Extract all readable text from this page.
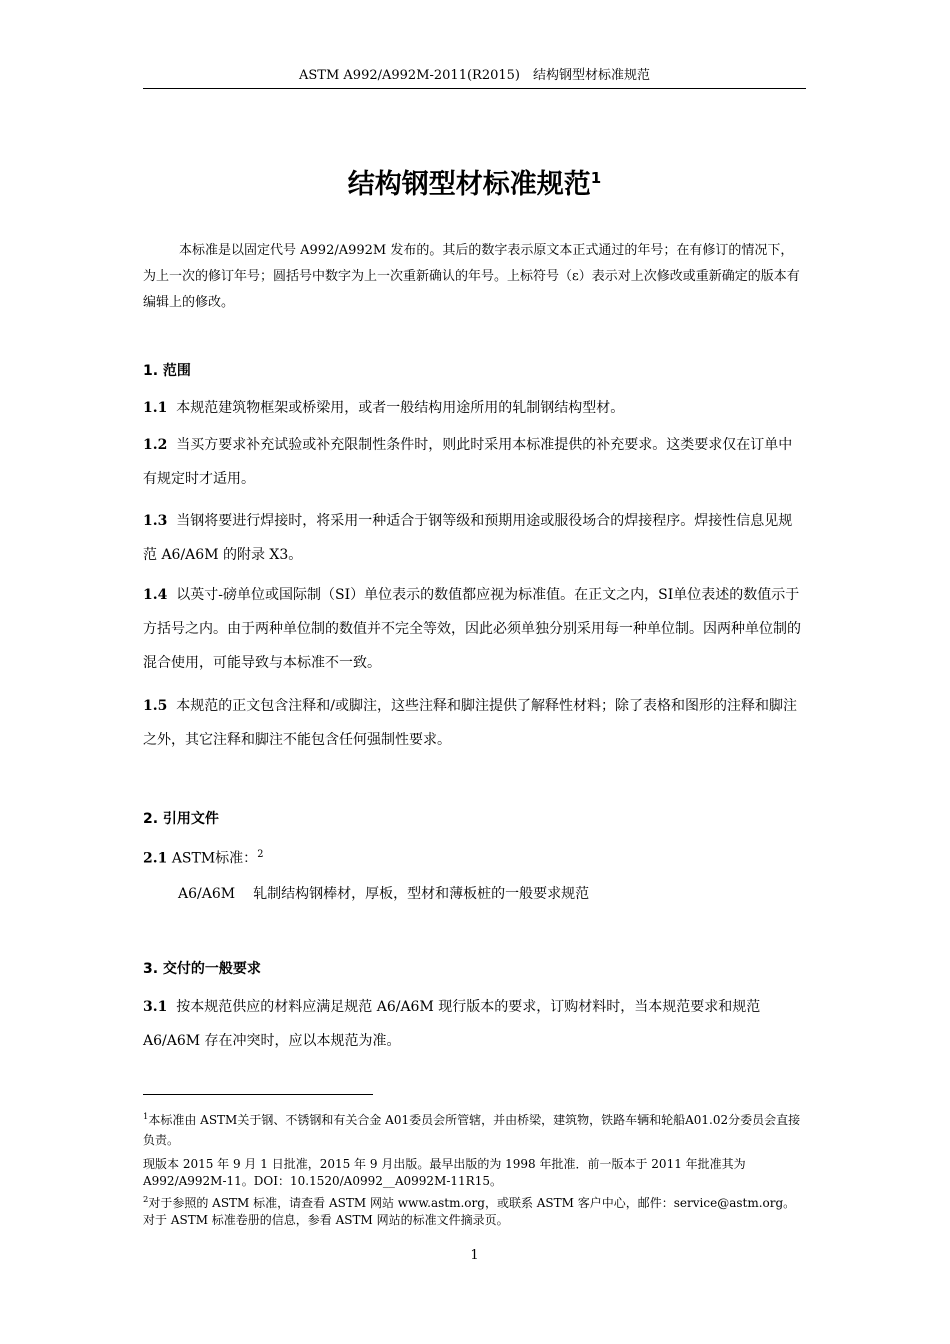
ASTM A992/A992M-2011(R2015)　结构钢型材标准规范
结构钢型材标准规范$^1$

本标准是以固定代号 A992/A992M 发布的。其后的数字表示原文本正式通过的年号；在有修订的情况下，为上一次的修订年号；圆括号中数字为上一次重新确认的年号。上标符号（ε）表示对上次修改或重新确定的版本有编辑上的修改。

1. 范围

1.1 本规范建筑物框架或桥梁用，或者一般结构用途所用的轧制钢结构型材。

1.2 当买方要求补充试验或补充限制性条件时，则此时采用本标准提供的补充要求。这类要求仅在订单中有规定时才适用。

1.3 当钢将要进行焊接时，将采用一种适合于钢等级和预期用途或服役场合的焊接程序。焊接性信息见规范 A6/A6M 的附录 X3。

1.4 以英寸-磅单位或国际制（SI）单位表示的数值都应视为标准值。在正文之内，SI单位表述的数值示于方括号之内。由于两种单位制的数值并不完全等效，因此必须单独分别采用每一种单位制。因两种单位制的混合使用，可能导致与本标准不一致。

1.5 本规范的正文包含注释和/或脚注，这些注释和脚注提供了解释性材料；除了表格和图形的注释和脚注之外，其它注释和脚注不能包含任何强制性要求。

2. 引用文件

2.1 ASTM标准：$^2$

A6/A6M 轧制结构钢棒材，厚板，型材和薄板桩的一般要求规范
3. 交付的一般要求

3.1 按本规范供应的材料应满足规范 A6/A6M 现行版本的要求，订购材料时，当本规范要求和规范 A6/A6M 存在冲突时，应以本规范为准。

$^1$本标准由 ASTM关于钢、不锈钢和有关合金 A01委员会所管辖，并由桥梁，建筑物，铁路车辆和轮船A01.02分委员会直接负责。

现版本 2015 年 9 月 1 日批准，2015 年 9 月出版。最早出版的为 1998 年批准．前一版本于 2011 年批准其为 A992/A992M-11。DOI：10.1520/A0992__A0992M-11R15。

$^2$对于参照的 ASTM 标准，请查看 ASTM 网站 www.astm.org，或联系 ASTM 客户中心，邮件：service@astm.org。对于 ASTM 标准卷册的信息，参看 ASTM 网站的标准文件摘录页。

1
